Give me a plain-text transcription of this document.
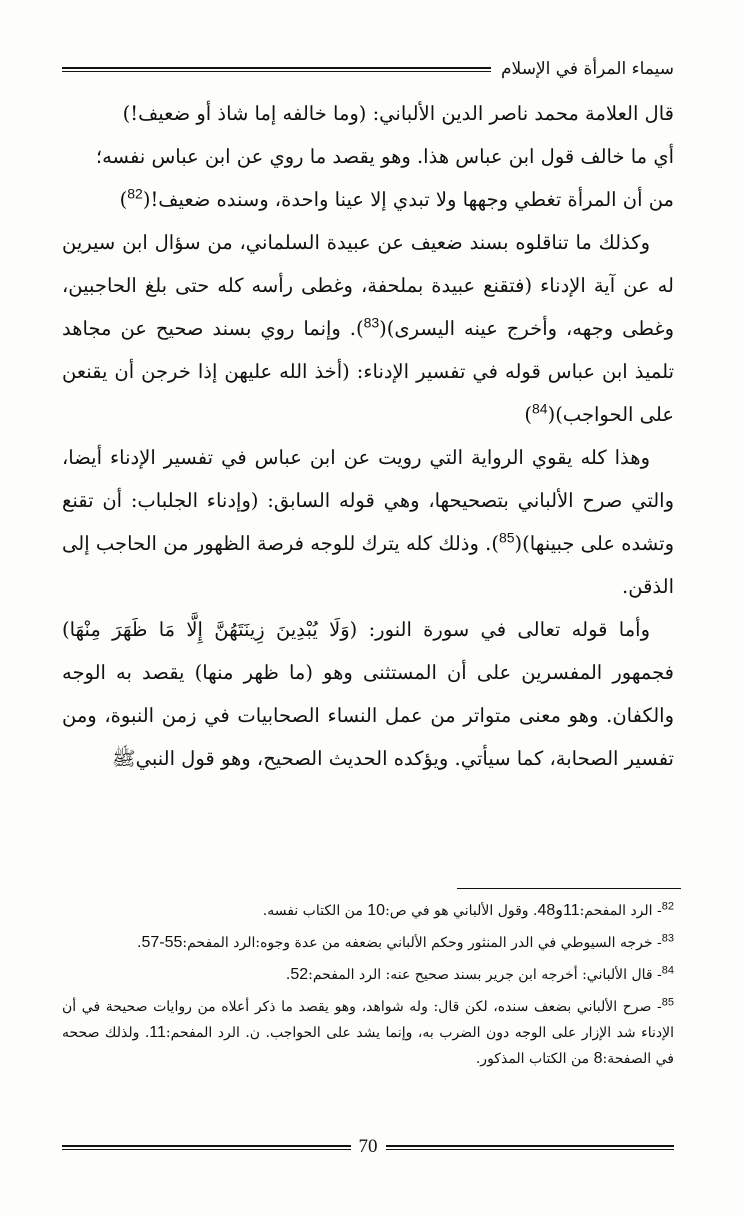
سيماء المرأة في الإسلام

قال العلامة محمد ناصر الدين الألباني: (وما خالفه إما شاذ أو ضعيف!)

أي ما خالف قول ابن عباس هذا. وهو يقصد ما روي عن ابن عباس نفسه؛

من أن المرأة تغطي وجهها ولا تبدي إلا عينا واحدة، وسنده ضعيف!($^{82}$)

وكذلك ما تناقلوه بسند ضعيف عن عبيدة السلماني، من سؤال ابن سيرين له عن آية الإدناء (فتقنع عبيدة بملحفة، وغطى رأسه كله حتى بلغ الحاجبين، وغطى وجهه، وأخرج عينه اليسرى)($^{83}$). وإنما روي بسند صحيح عن مجاهد تلميذ ابن عباس قوله في تفسير الإدناء: (أخذ الله عليهن إذا خرجن أن يقنعن على الحواجب)($^{84}$)
وهذا كله يقوي الرواية التي رويت عن ابن عباس في تفسير الإدناء أيضا، والتي صرح الألباني بتصحيحها، وهي قوله السابق: (وإدناء الجلباب: أن تقنع وتشده على جبينها)($^{85}$). وذلك كله يترك للوجه فرصة الظهور من الحاجب إلى الذقن.
وأما قوله تعالى في سورة النور: (وَلَا يُبْدِينَ زِينَتَهُنَّ إِلَّا مَا ظَهَرَ مِنْهَا) فجمهور المفسرين على أن المستثنى وهو (ما ظهر منها) يقصد به الوجه والكفان. وهو معنى متواتر من عمل النساء الصحابيات في زمن النبوة، ومن تفسير الصحابة، كما سيأتي. ويؤكده الحديث الصحيح، وهو قول النبيﷺ

$^{82}$- الرد المفحم:11و48. وقول الألباني هو في ص:10 من الكتاب نفسه.

$^{83}$- خرجه السيوطي في الدر المنثور وحكم الألباني بضعفه من عدة وجوه:الرد المفحم:55-57.

$^{84}$- قال الألباني: أخرجه ابن جرير بسند صحيح عنه: الرد المفحم:52.

$^{85}$- صرح الألباني بضعف سنده، لكن قال: وله شواهد، وهو يقصد ما ذكر أعلاه من روايات صحيحة في أن الإدناء شد الإزار على الوجه دون الضرب به، وإنما يشد على الحواجب. ن. الرد المفحم:11. ولذلك صححه في الصفحة:8 من الكتاب المذكور.

70
